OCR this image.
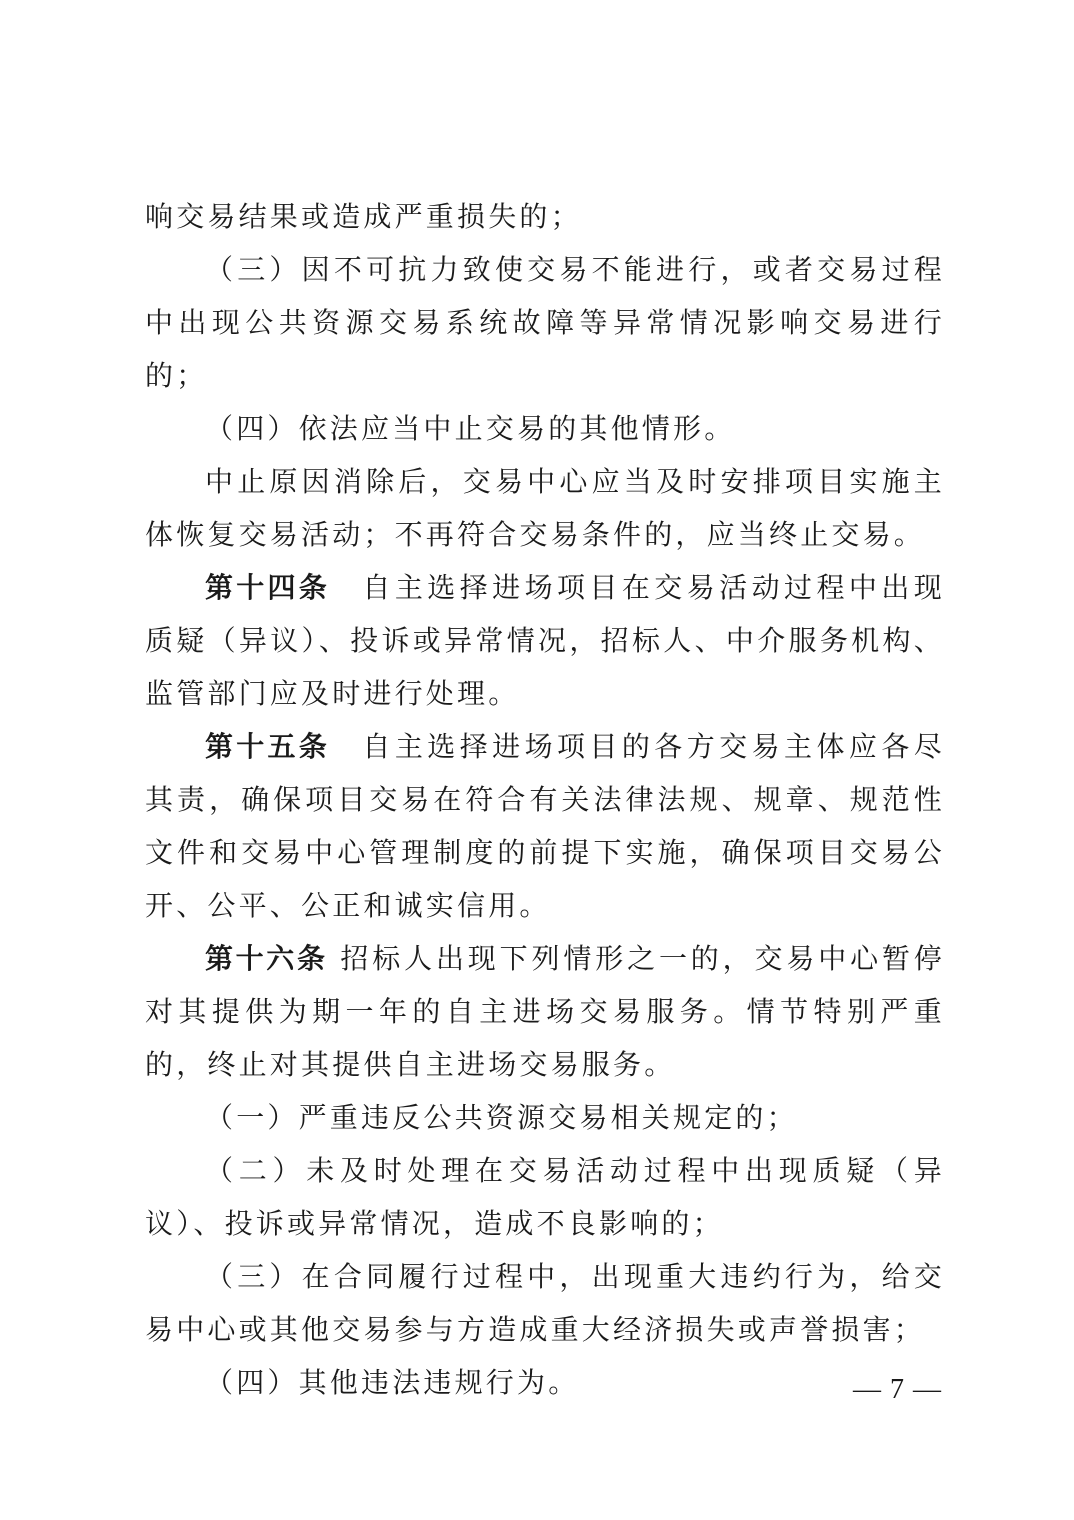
响交易结果或造成严重损失的；

（三）因不可抗力致使交易不能进行，或者交易过程中出现公共资源交易系统故障等异常情况影响交易进行的；

（四）依法应当中止交易的其他情形。

中止原因消除后，交易中心应当及时安排项目实施主体恢复交易活动；不再符合交易条件的，应当终止交易。

第十四条　 自主选择进场项目在交易活动过程中出现质疑（异议）、投诉或异常情况，招标人、中介服务机构、监管部门应及时进行处理。

第十五条　 自主选择进场项目的各方交易主体应各尽其责，确保项目交易在符合有关法律法规、规章、规范性文件和交易中心管理制度的前提下实施，确保项目交易公开、公平、公正和诚实信用。

第十六条 招标人出现下列情形之一的，交易中心暂停对其提供为期一年的自主进场交易服务。情节特别严重的，终止对其提供自主进场交易服务。

（一）严重违反公共资源交易相关规定的；

（二）未及时处理在交易活动过程中出现质疑（异议）、投诉或异常情况，造成不良影响的；

（三）在合同履行过程中，出现重大违约行为，给交易中心或其他交易参与方造成重大经济损失或声誉损害；

（四）其他违法违规行为。	— 7 —
